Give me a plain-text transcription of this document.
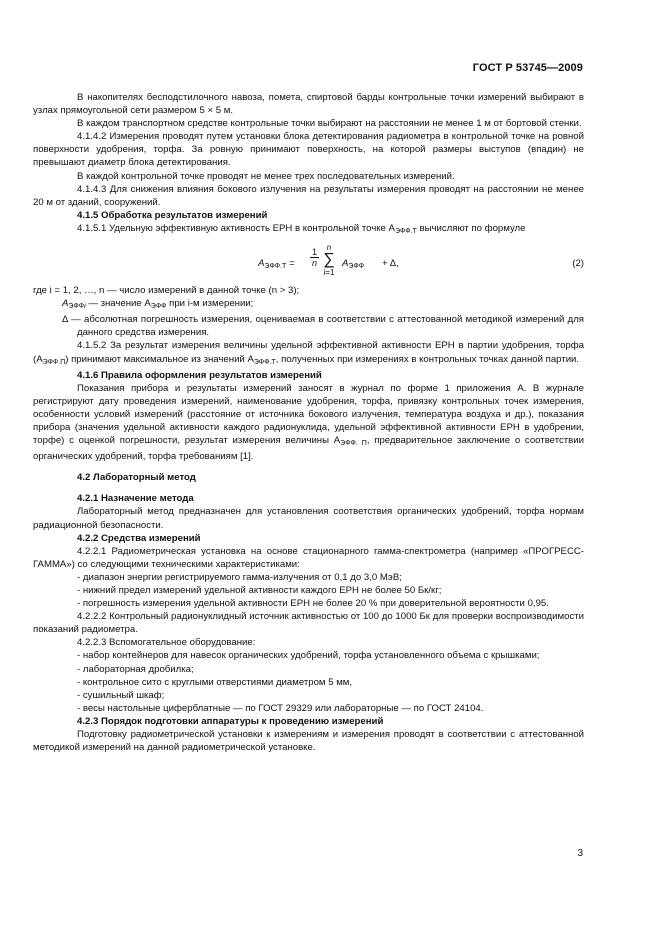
ГОСТ Р 53745—2009

В накопителях бесподстилочного навоза, помета, спиртовой барды контрольные точки измерений выбирают в узлах прямоугольной сети размером 5 × 5 м.

В каждом транспортном средстве контрольные точки выбирают на расстоянии не менее 1 м от бортовой стенки.

4.1.4.2 Измерения проводят путем установки блока детектирования радиометра в контрольной точке на ровной поверхности удобрения, торфа. За ровную принимают поверхность, на которой размеры выступов (впадин) не превышают диаметр блока детектирования.

В каждой контрольной точке проводят не менее трех последовательных измерений.

4.1.4.3 Для снижения влияния бокового излучения на результаты измерения проводят на расстоянии не менее 20 м от зданий, сооружений.

4.1.5 Обработка результатов измерений

4.1.5.1 Удельную эффективную активность ЕРН в контрольной точке $A_{ЭФФ.Т}$ вычисляют по формуле

$A_{ЭФФ.Т} = \frac{1}{n}$ n
∑
i=1
$A_{ЭФФ} + \Delta$,	(2)

где i = 1, 2, …, n — число измерений в данной точке (n > 3);

$A_{ЭФФi}$ — значение $A_{ЭФФ}$ при i-м измерении;

Δ — абсолютная погрешность измерения, оцениваемая в соответствии с аттестованной методикой измерений для данного средства измерения.

4.1.5.2 За результат измерения величины удельной эффективной активности ЕРН в партии удобрения, торфа $(A_{ЭФФ.П})$ принимают максимальное из значений $A_{ЭФФ.Т}$, полученных при измерениях в контрольных точках данной партии.

4.1.6 Правила оформления результатов измерений

Показания прибора и результаты измерений заносят в журнал по форме 1 приложения А. В журнале регистрируют дату проведения измерений, наименование удобрения, торфа, привязку контрольных точек измерения, особенности условий измерений (расстояние от источника бокового излучения, температура воздуха и др.), показания прибора (значения удельной активности каждого радионуклида, удельной эффективной активности ЕРН в удобрении, торфе) с оценкой погрешности, результат измерения величины $A_{ЭФФ. П}$, предварительное заключение о соответствии органических удобрений, торфа требованиям [1].

4.2 Лабораторный метод

4.2.1 Назначение метода

Лабораторный метод предназначен для установления соответствия органических удобрений, торфа нормам радиационной безопасности.

4.2.2 Средства измерений

4.2.2.1 Радиометрическая установка на основе стационарного гамма-спектрометра (например «ПРОГРЕСС-ГАММА») со следующими техническими характеристиками:

- диапазон энергии регистрируемого гамма-излучения от 0,1 до 3,0 МэВ;

- нижний предел измерений удельной активности каждого ЕРН не более 50 Бк/кг;

- погрешность измерения удельной активности ЕРН не более 20 % при доверительной вероятности 0,95.

4.2.2.2 Контрольный радионуклидный источник активностью от 100 до 1000 Бк для проверки воспроизводимости показаний радиометра.

4.2.2.3 Вспомогательное оборудование:

- набор контейнеров для навесок органических удобрений, торфа установленного объема с крышками;

- лабораторная дробилка;

- контрольное сито с круглыми отверстиями диаметром 5 мм,

- сушильный шкаф;

- весы настольные циферблатные — по ГОСТ 29329 или лабораторные — по ГОСТ 24104.

4.2.3 Порядок подготовки аппаратуры к проведению измерений

Подготовку радиометрической установки к измерениям и измерения проводят в соответствии с аттестованной методикой измерений на данной радиометрической установке.

3
